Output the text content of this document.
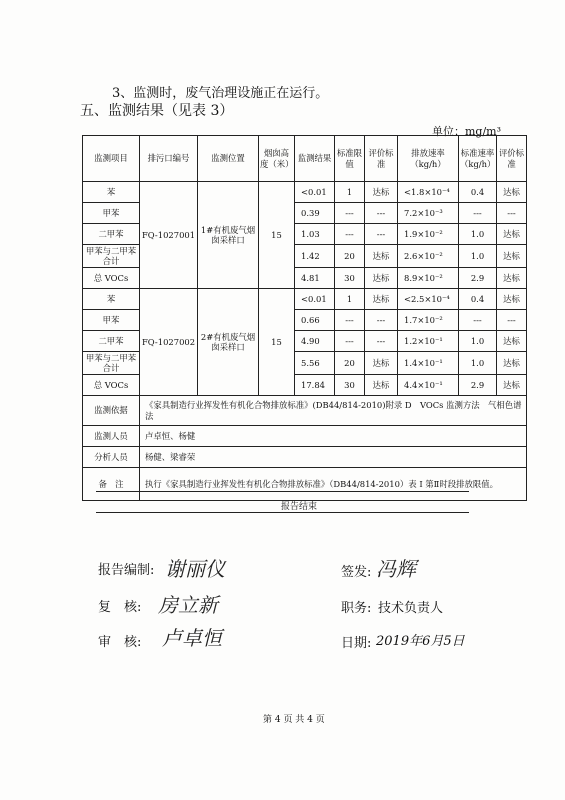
3、监测时，废气治理设施正在运行。
五、监测结果（见表 3）
单位：mg/m³
监测项目	排污口编号	监测位置	烟囱高度（米）	监测结果	标准限值	评价标准	排放速率（kg/h）	标准速率（kg/h）	评价标准
苯	FQ-1027001	1#有机废气烟囱采样口	15	<0.01	1	达标	<1.8×10⁻⁴	0.4	达标
甲苯				0.39	---	---	7.2×10⁻³	---	---
二甲苯				1.03	---	---	1.9×10⁻²	1.0	达标
甲苯与二甲苯合计				1.42	20	达标	2.6×10⁻²	1.0	达标
总 VOCs				4.81	30	达标	8.9×10⁻²	2.9	达标
苯	FQ-1027002	2#有机废气烟囱采样口	15	<0.01	1	达标	<2.5×10⁻⁴	0.4	达标
甲苯				0.66	---	---	1.7×10⁻²	---	---
二甲苯				4.90	---	---	1.2×10⁻¹	1.0	达标
甲苯与二甲苯合计				5.56	20	达标	1.4×10⁻¹	1.0	达标
总 VOCs				17.84	30	达标	4.4×10⁻¹	2.9	达标
监测依据	《家具制造行业挥发性有机化合物排放标准》(DB44/814-2010)附录 D　VOCs 监测方法　气相色谱法								
监测人员	卢卓恒、杨健								
分析人员	杨健、梁睿荣								
备　注	执行《家具制造行业挥发性有机化合物排放标准》（DB44/814-2010）表 I 第Ⅱ时段排放限值。								
报告结束
报告编制: 谢丽仪
复　核: 房立新
审　核: 卢卓恒
签发: 冯辉
职务: 技术负责人
日期: 2019年6月5日
第 4 页 共 4 页
